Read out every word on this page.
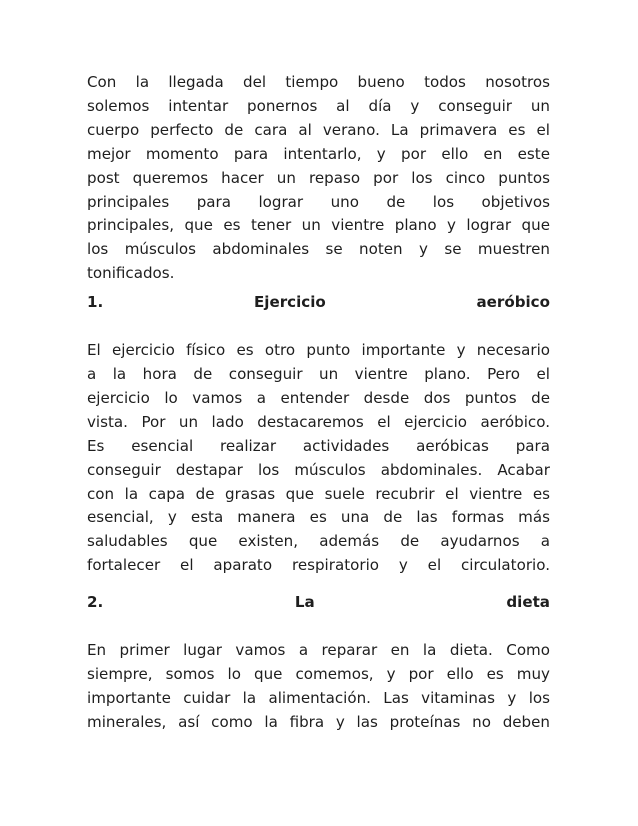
Con la llegada del tiempo bueno todos nosotros
solemos intentar ponernos al día y conseguir un
cuerpo perfecto de cara al verano. La primavera es el
mejor momento para intentarlo, y por ello en este
post queremos hacer un repaso por los cinco puntos
principales para lograr uno de los objetivos
principales, que es tener un vientre plano y lograr que
los músculos abdominales se noten y se muestren
tonificados.

1.	Ejercicio	aeróbico

El ejercicio físico es otro punto importante y necesario
a la hora de conseguir un vientre plano. Pero el
ejercicio lo vamos a entender desde dos puntos de
vista. Por un lado destacaremos el ejercicio aeróbico.
Es esencial realizar actividades aeróbicas para
conseguir destapar los músculos abdominales. Acabar
con la capa de grasas que suele recubrir el vientre es
esencial, y esta manera es una de las formas más
saludables que existen, además de ayudarnos a
fortalecer el aparato respiratorio y el circulatorio.

2.	La	dieta

En primer lugar vamos a reparar en la dieta. Como
siempre, somos lo que comemos, y por ello es muy
importante cuidar la alimentación. Las vitaminas y los
minerales, así como la fibra y las proteínas no deben
